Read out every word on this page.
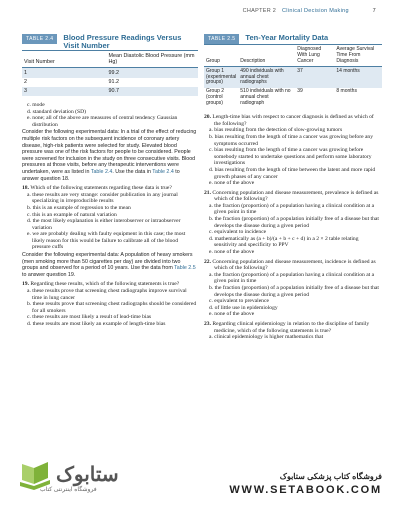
CHAPTER 2 Clinical Decision Making	7
TABLE 2.4	Blood Pressure Readings Versus Visit Number
Visit Number	Mean Diastolic Blood Pressure (mm Hg)
1	99.2
2	91.2
3	90.7

c. mode

d. standard deviation (SD)

e. none; all of the above are measures of central tendency Gaussian distribution

Consider the following experimental data: In a trial of the effect of reducing multiple risk factors on the subsequent incidence of coronary artery disease, high-risk patients were selected for study. Elevated blood pressure was one of the risk factors for people to be considered. People were screened for inclusion in the study on three consecutive visits. Blood pressures at those visits, before any therapeutic interventions were undertaken, were as listed in Table 2.4. Use the data in Table 2.4 to answer question 18.

18. Which of the following statements regarding these data is true?

a. these results are very strange: consider publication in any journal specializing in irreproducible results

b. this is an example of regression to the mean

c. this is an example of natural variation

d. the most likely explanation is either interobserver or intraobserver variation

e. we are probably dealing with faulty equipment in this case; the most likely reason for this would be failure to calibrate all of the blood pressure cuffs

Consider the following experimental data: A population of heavy smokers (men smoking more than 50 cigarettes per day) are divided into two groups and observed for a period of 10 years. Use the data from Table 2.5 to answer question 19.

19. Regarding these results, which of the following statements is true?

a. these results prove that screening chest radiographs improve survival time in lung cancer

b. these results prove that screening chest radiographs should be considered for all smokers

c. these results are most likely a result of lead-time bias

d. these results are most likely an example of length-time bias

TABLE 2.5	Ten-Year Mortality Data
Group	Description	Diagnosed With Lung Cancer	Average Survival Time From Diagnosis
Group 1 (experimental groups)	490 individuals with annual chest radiographs	37	14 months
Group 2 (control groups)	510 individuals with no annual chest radiograph	39	8 months

20. Length-time bias with respect to cancer diagnosis is defined as which of the following?

a. bias resulting from the detection of slow-growing tumors

b. bias resulting from the length of time a cancer was growing before any symptoms occurred

c. bias resulting from the length of time a cancer was growing before somebody started to undertake questions and perform some laboratory investigations

d. bias resulting from the length of time between the latent and more rapid growth phases of any cancer

e. none of the above

21. Concerning population and disease measurement, prevalence is defined as which of the following?

a. the fraction (proportion) of a population having a clinical condition at a given point in time

b. the fraction (proportion) of a population initially free of a disease but that develops the disease during a given period

c. equivalent to incidence

d. mathematically as (a + b)/(a + b + c + d) in a 2 × 2 table relating sensitivity and specificity to PPV

e. none of the above

22. Concerning population and disease measurement, incidence is defined as which of the following?

a. the fraction (proportion) of a population having a clinical condition at a given point in time

b. the fraction (proportion) of a population initially free of a disease but that develops the disease during a given period

c. equivalent to prevalence

d. of little use in epidemiology

e. none of the above

23. Regarding clinical epidemiology in relation to the discipline of family medicine, which of the following statements is true?

a. clinical epidemiology is higher mathematics that

ستابوک
فروشگاه اینترنتی کتاب
فروشگاه کتاب پزشکی ستابوک
WWW.SETABOOK.COM
